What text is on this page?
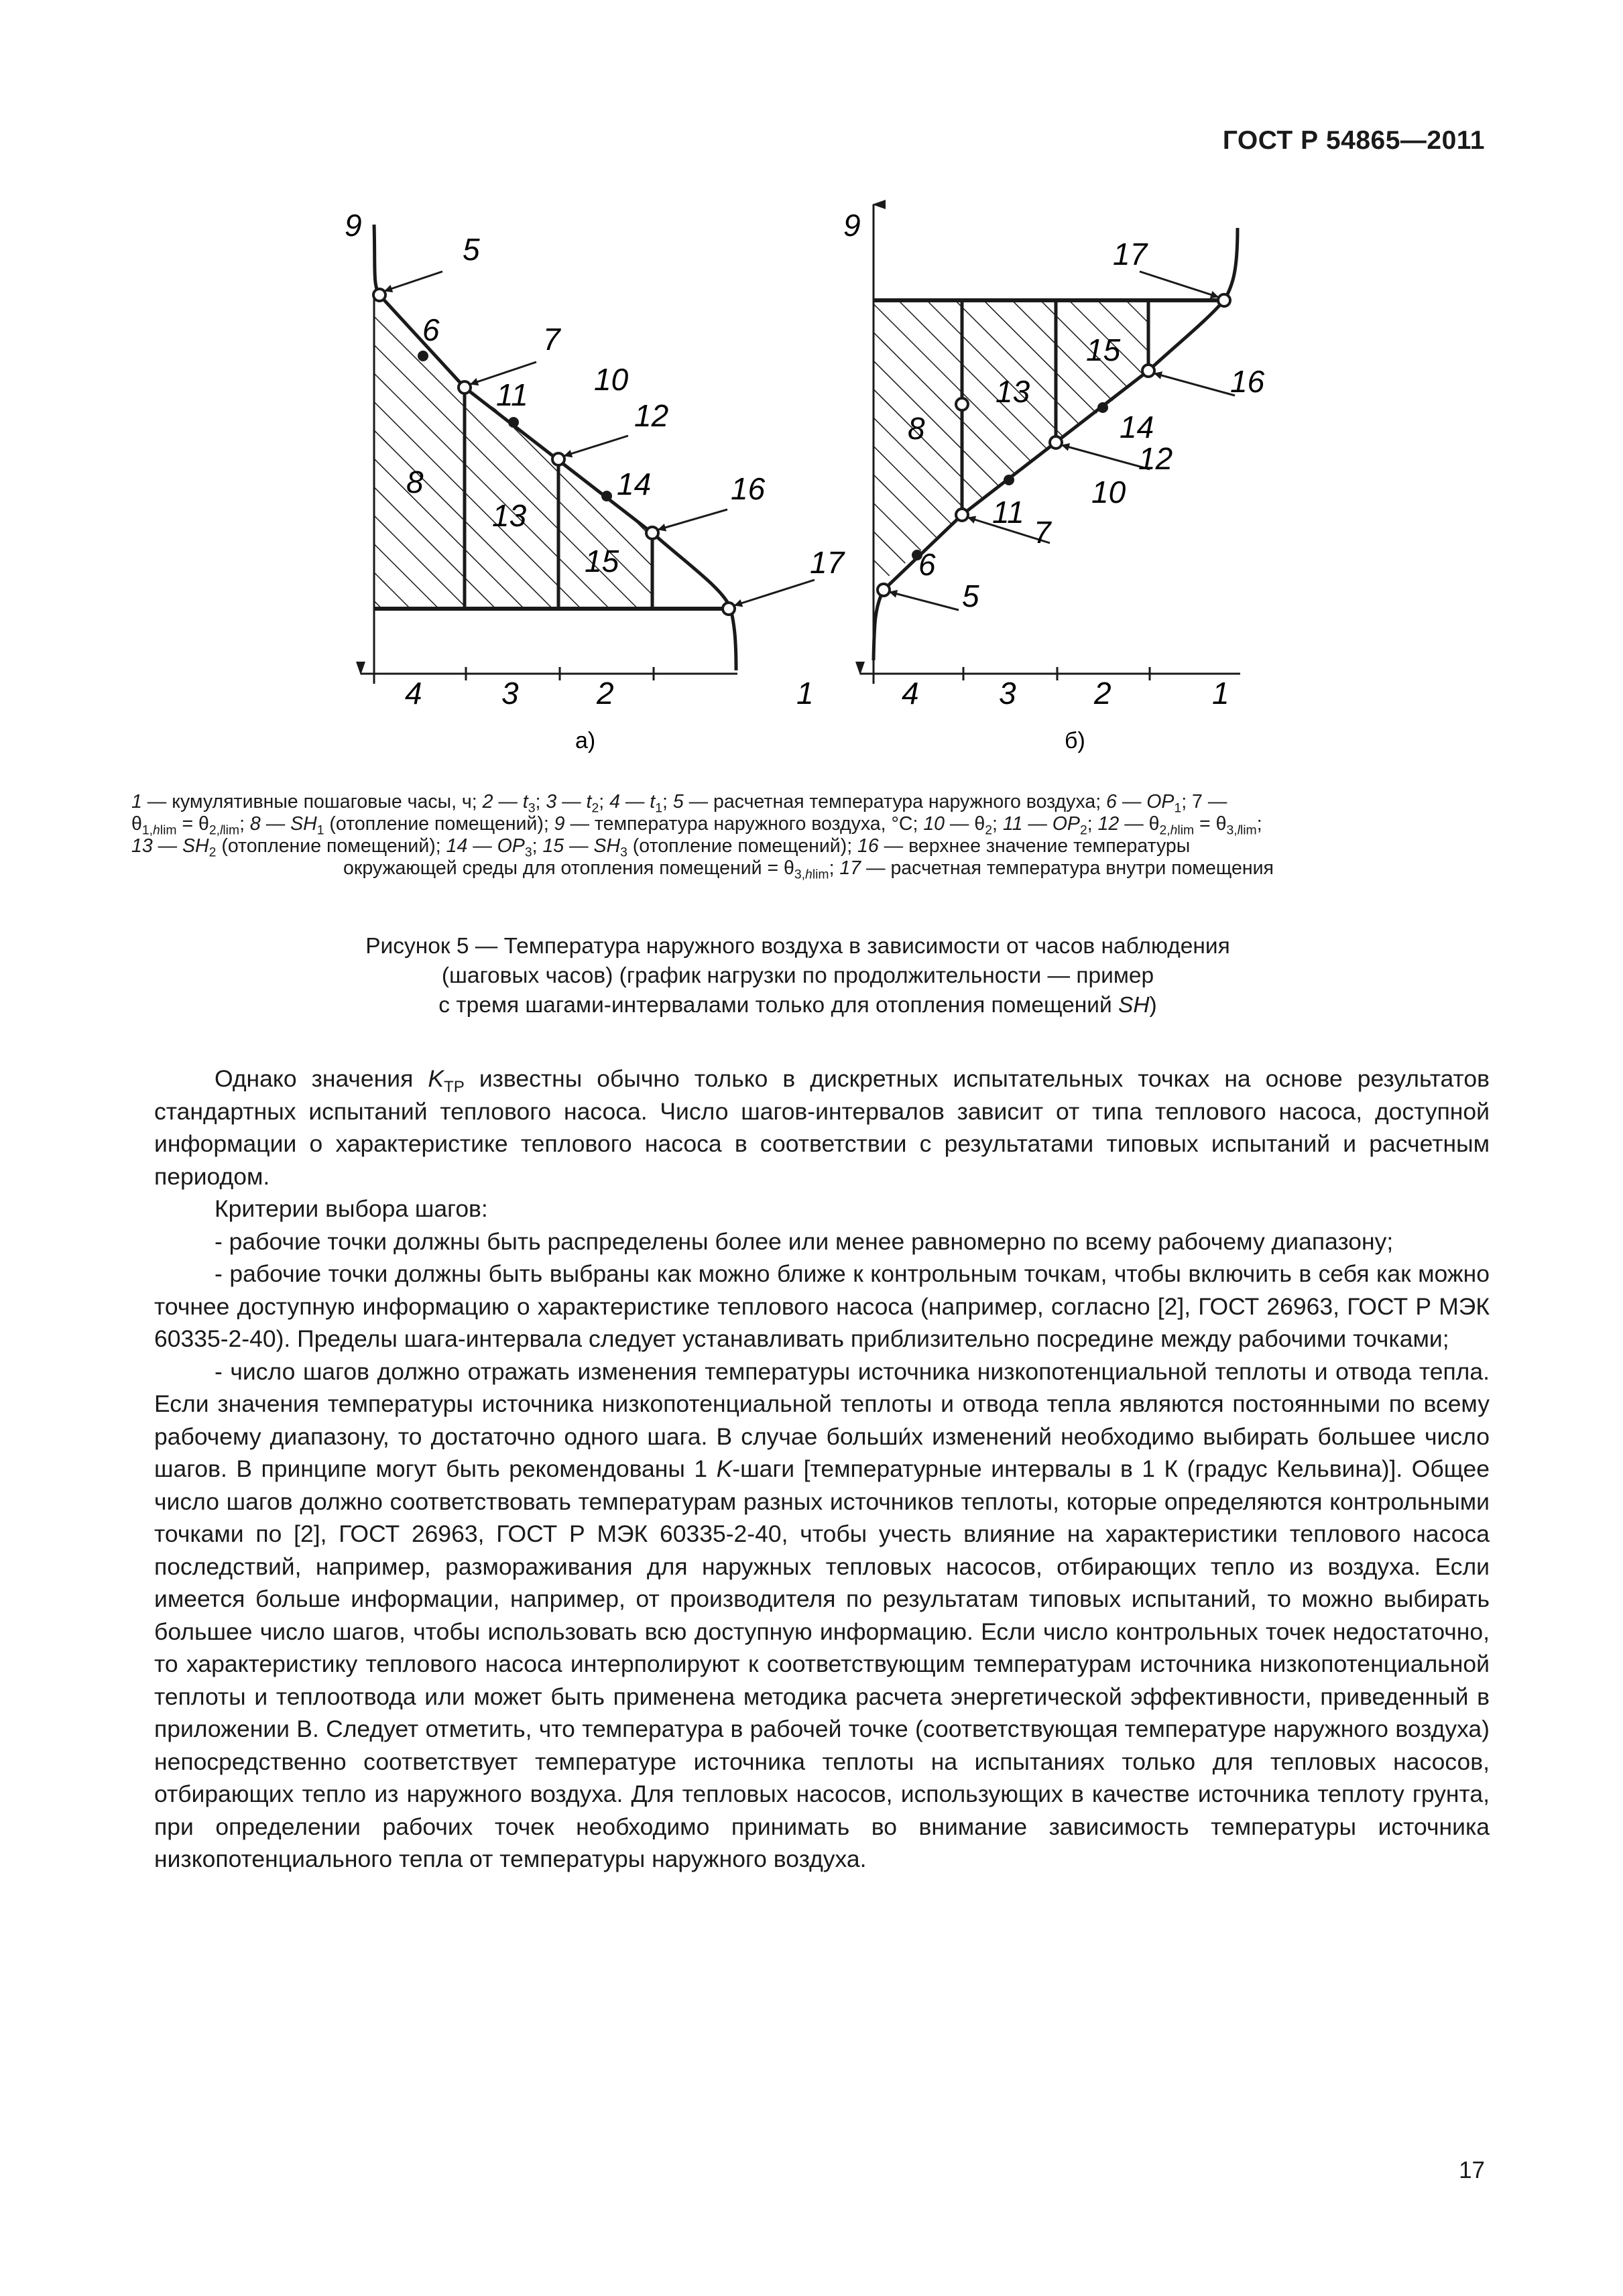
ГОСТ Р 54865—2011
9
5
6	7
11 10
12
8
13
14	16
15	17
4	3	2	1
а)
9
17
15
16
13
8	14
12
10
11
7
6
5
4	3	2	1
б)
1 — кумулятивные пошаговые часы, ч; 2 — $t_3$; 3 — $t_2$; 4 — $t_1$; 5 — расчетная температура наружного воздуха; 6 — $OP_1$; 7 —
$\theta_{1,hlim} = \theta_{2,llim}$; 8 — $SH_1$ (отопление помещений); 9 — температура наружного воздуха, °С; 10 — $\theta_2$; 11 — $OP_2$; 12 — $\theta_{2,hlim} = \theta_{3,llim}$;
13 — $SH_2$ (отопление помещений); 14 — $OP_3$; 15 — $SH_3$ (отопление помещений); 16 — верхнее значение температуры
окружающей среды для отопления помещений = $\theta_{3,hlim}$; 17 — расчетная температура внутри помещения
Рисунок 5 — Температура наружного воздуха в зависимости от часов наблюдения
(шаговых часов) (график нагрузки по продолжительности — пример
с тремя шагами-интервалами только для отопления помещений SH)

Однако значения $K_{ТР}$ известны обычно только в дискретных испытательных точках на основе результатов стандартных испытаний теплового насоса. Число шагов-интервалов зависит от типа теплового насоса, доступной информации о характеристике теплового насоса в соответствии с результатами типовых испытаний и расчетным периодом.

Критерии выбора шагов:

- рабочие точки должны быть распределены более или менее равномерно по всему рабочему диапазону;

- рабочие точки должны быть выбраны как можно ближе к контрольным точкам, чтобы включить в себя как можно точнее доступную информацию о характеристике теплового насоса (например, согласно [2], ГОСТ 26963, ГОСТ Р МЭК 60335-2-40). Пределы шага-интервала следует устанавливать приблизительно посредине между рабочими точками;

- число шагов должно отражать изменения температуры источника низкопотенциальной теплоты и отвода тепла. Если значения температуры источника низкопотенциальной теплоты и отвода тепла являются постоянными по всему рабочему диапазону, то достаточно одного шага. В случае больши́х изменений необходимо выбирать большее число шагов. В принципе могут быть рекомендованы 1 K-шаги [температурные интервалы в 1 К (градус Кельвина)]. Общее число шагов должно соответствовать температурам разных источников теплоты, которые определяются контрольными точками по [2], ГОСТ 26963, ГОСТ Р МЭК 60335-2-40, чтобы учесть влияние на характеристики теплового насоса последствий, например, размораживания для наружных тепловых насосов, отбирающих тепло из воздуха. Если имеется больше информации, например, от производителя по результатам типовых испытаний, то можно выбирать большее число шагов, чтобы использовать всю доступную информацию. Если число контрольных точек недостаточно, то характеристику теплового насоса интерполируют к соответствующим температурам источника низкопотенциальной теплоты и теплоотвода или может быть применена методика расчета энергетической эффективности, приведенный в приложении В. Следует отметить, что температура в рабочей точке (соответствующая температуре наружного воздуха) непосредственно соответствует температуре источника теплоты на испытаниях только для тепловых насосов, отбирающих тепло из наружного воздуха. Для тепловых насосов, использующих в качестве источника теплоту грунта, при определении рабочих точек необходимо принимать во внимание зависимость температуры источника низкопотенциального тепла от температуры наружного воздуха.

17
